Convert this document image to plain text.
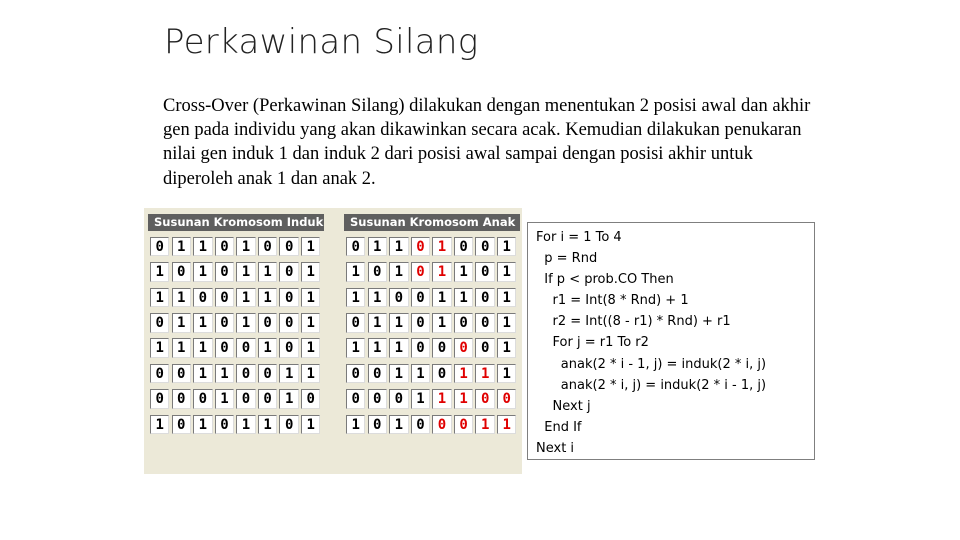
Perkawinan Silang
Cross-Over (Perkawinan Silang) dilakukan dengan menentukan 2 posisi awal dan akhir gen pada individu yang akan dikawinkan secara acak. Kemudian dilakukan penukaran nilai gen induk 1 dan induk 2 dari posisi awal sampai dengan posisi akhir untuk diperoleh anak 1 dan anak 2.
Susunan Kromosom Induk
0 1 1 0 1 0 0 1
1 0 1 0 1 1 0 1
1 1 0 0 1 1 0 1
0 1 1 0 1 0 0 1
1 1 1 0 0 1 0 1
0 0 1 1 0 0 1 1
0 0 0 1 0 0 1 0
1 0 1 0 1 1 0 1
Susunan Kromosom Anak
0 1 1 0 1 0 0 1
1 0 1 0 1 1 0 1
1 1 0 0 1 1 0 1
0 1 1 0 1 0 0 1
1 1 1 0 0 0 0 1
0 0 1 1 0 1 1 1
0 0 0 1 1 1 0 0
1 0 1 0 0 0 1 1
For i = 1 To 4
p = Rnd
If p < prob.CO Then
r1 = Int(8 * Rnd) + 1
r2 = Int((8 - r1) * Rnd) + r1
For j = r1 To r2
anak(2 * i - 1, j) = induk(2 * i, j)
anak(2 * i, j) = induk(2 * i - 1, j)
Next j
End If
Next i
